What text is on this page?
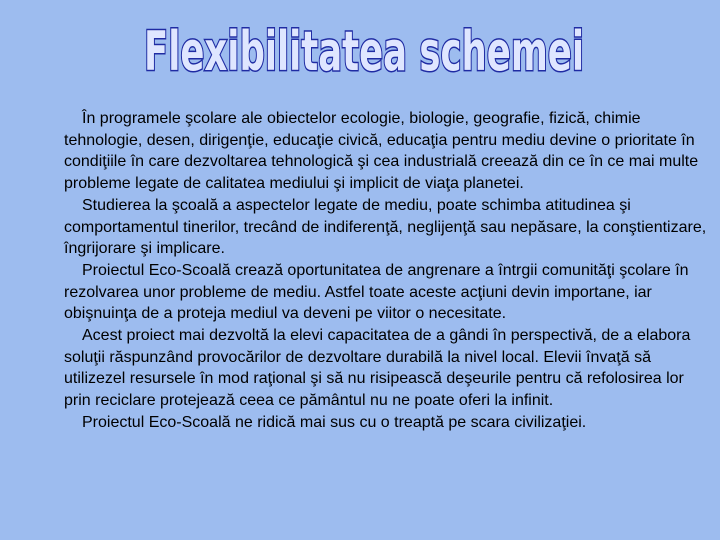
Flexibilitatea schemei

În programele şcolare ale obiectelor ecologie, biologie, geografie, fizică, chimie tehnologie, desen, dirigenţie, educaţie civică, educaţia pentru mediu devine o prioritate în condiţiile în care dezvoltarea tehnologică şi cea industrială creează din ce în ce mai multe probleme legate de calitatea mediului şi implicit de viaţa planetei.

Studierea la şcoală a aspectelor legate de mediu, poate schimba atitudinea şi comportamentul tinerilor, trecând de indiferenţă, neglijenţă sau nepăsare, la conştientizare, îngrijorare şi implicare.

Proiectul Eco-Scoală crează oportunitatea de angrenare a întrgii comunităţi şcolare în rezolvarea unor probleme de mediu. Astfel toate aceste acţiuni devin importane, iar obişnuinţa de a proteja mediul va deveni pe viitor o necesitate.

Acest proiect mai dezvoltă la elevi capacitatea de a gândi în perspectivă, de a elabora soluţii răspunzând provocărilor de dezvoltare durabilă la nivel local. Elevii învaţă să utilizezel resursele în mod raţional şi să nu risipească deşeurile pentru că refolosirea lor prin reciclare protejează ceea ce pământul nu ne poate oferi la infinit.

Proiectul Eco-Scoală ne ridică mai sus cu o treaptă pe scara civilizaţiei.
